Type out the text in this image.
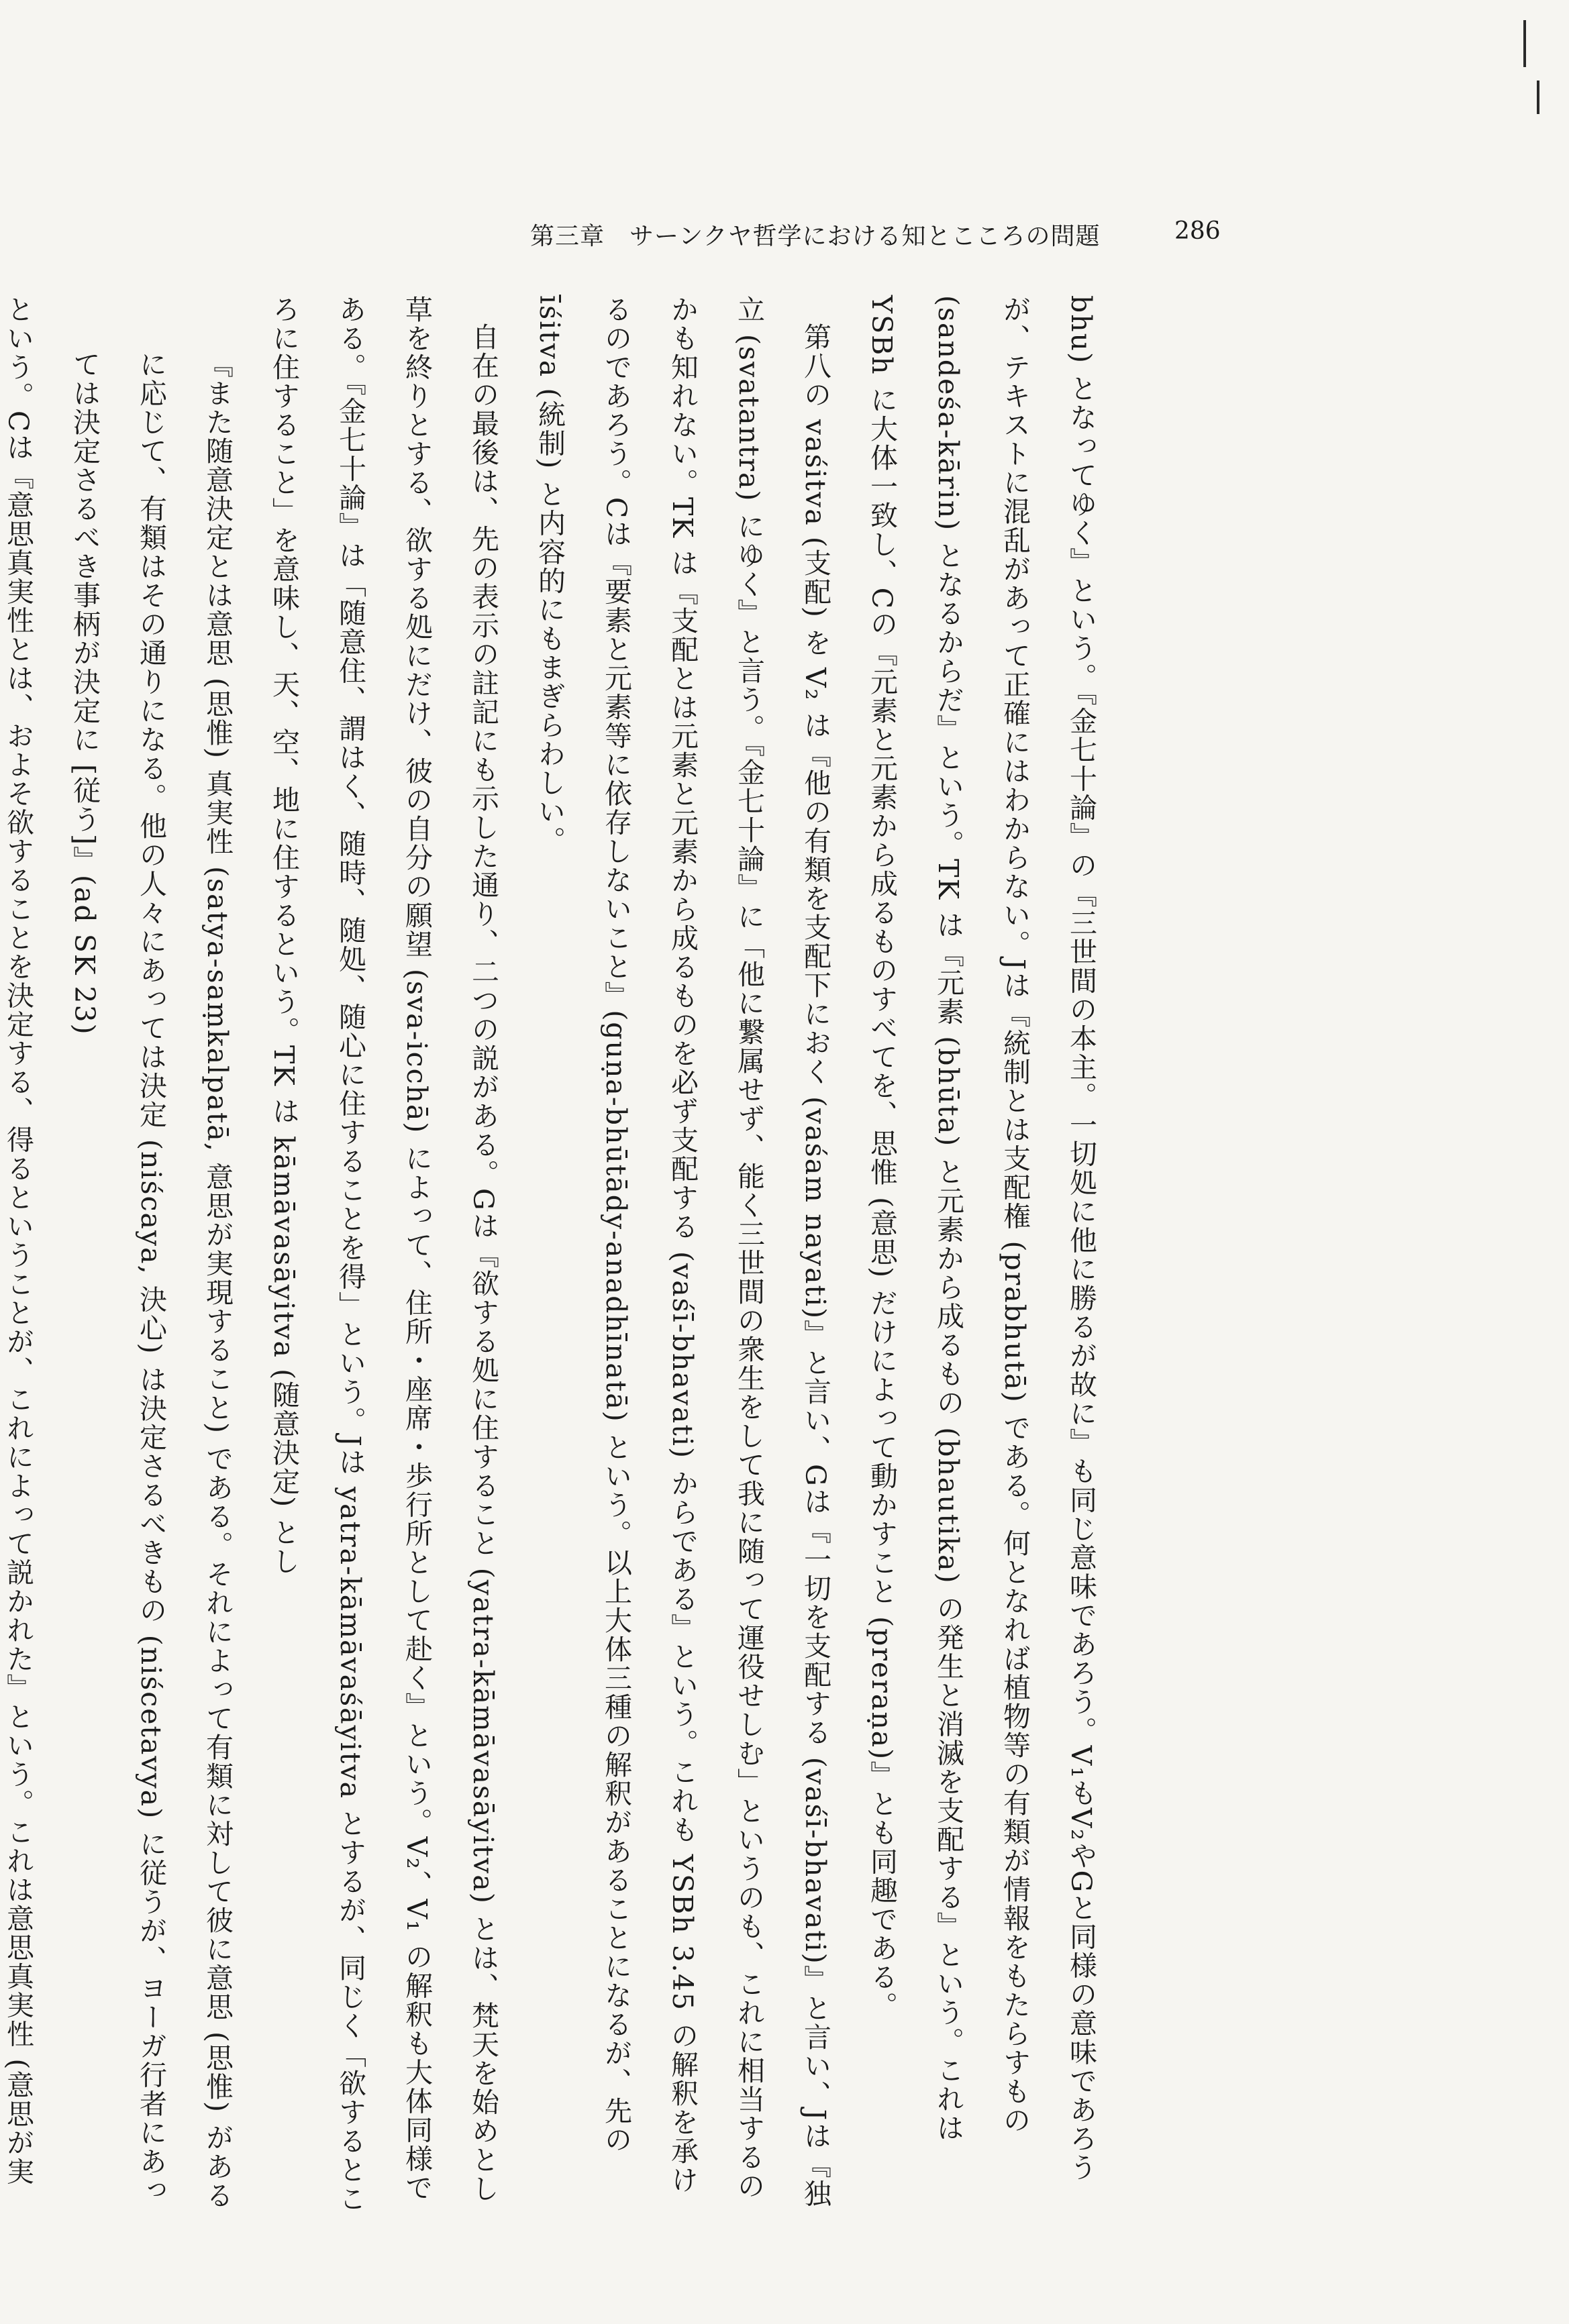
第三章　サーンクヤ哲学における知とこころの問題	286

bhu) となってゆく』という。『金七十論』の『三世間の本主。一切処に他に勝るが故に』も同じ意味であろう。V₁もV₂やGと同様の意味であろうが、テキストに混乱があって正確にはわからない。Jは『統制とは支配権 (prabhutā) である。何となれば植物等の有類が情報をもたらすもの (sandeśa-kārin) となるからだ』という。TK は『元素 (bhūta) と元素から成るもの (bhautika) の発生と消滅を支配する』という。これは YSBh に大体一致し、Cの『元素と元素から成るものすべてを、思惟 (意思) だけによって動かすこと (preraṇa)』とも同趣である。

第八の vaśitva (支配) を V₂ は『他の有類を支配下におく (vaśam nayati)』と言い、Gは『一切を支配する (vaśī-bhavati)』と言い、Jは『独立 (svatantra) にゆく』と言う。『金七十論』に「他に繋属せず、能く三世間の衆生をして我に随って運役せしむ」というのも、これに相当するのかも知れない。TK は『支配とは元素と元素から成るものを必ず支配する (vaśī-bhavati) からである』という。これも YSBh 3.45 の解釈を承けるのであろう。Cは『要素と元素等に依存しないこと』(guṇa-bhūtādy-anadhīnatā) という。以上大体三種の解釈があることになるが、先の īśitva (統制) と内容的にもまぎらわしい。

自在の最後は、先の表示の註記にも示した通り、二つの説がある。Gは『欲する処に住すること (yatra-kāmāvasāyitva) とは、梵天を始めとし草を終りとする、欲する処にだけ、彼の自分の願望 (sva-icchā) によって、住所・座席・歩行所として赴く』という。V₂、V₁ の解釈も大体同様である。『金七十論』は「随意住、謂はく、随時、随処、随心に住することを得」という。Jは yatra-kāmāvaśāyitva とするが、同じく「欲するところに住すること」を意味し、天、空、地に住するという。TK は kāmāvasāyitva (随意決定) とし

『また随意決定とは意思 (思惟) 真実性 (satya-saṃkalpatā, 意思が実現すること) である。それによって有類に対して彼に意思 (思惟) があるに応じて、有類はその通りになる。他の人々にあっては決定 (niścaya, 決心) は決定さるべきもの (niścetavya) に従うが、ヨーガ行者にあっては決定さるべき事柄が決定に [従う]』(ad SK 23)

という。Cは『意思真実性とは、およそ欲することを決定する、得るということが、これによって説かれた』という。これは意思真実性 (意思が実
